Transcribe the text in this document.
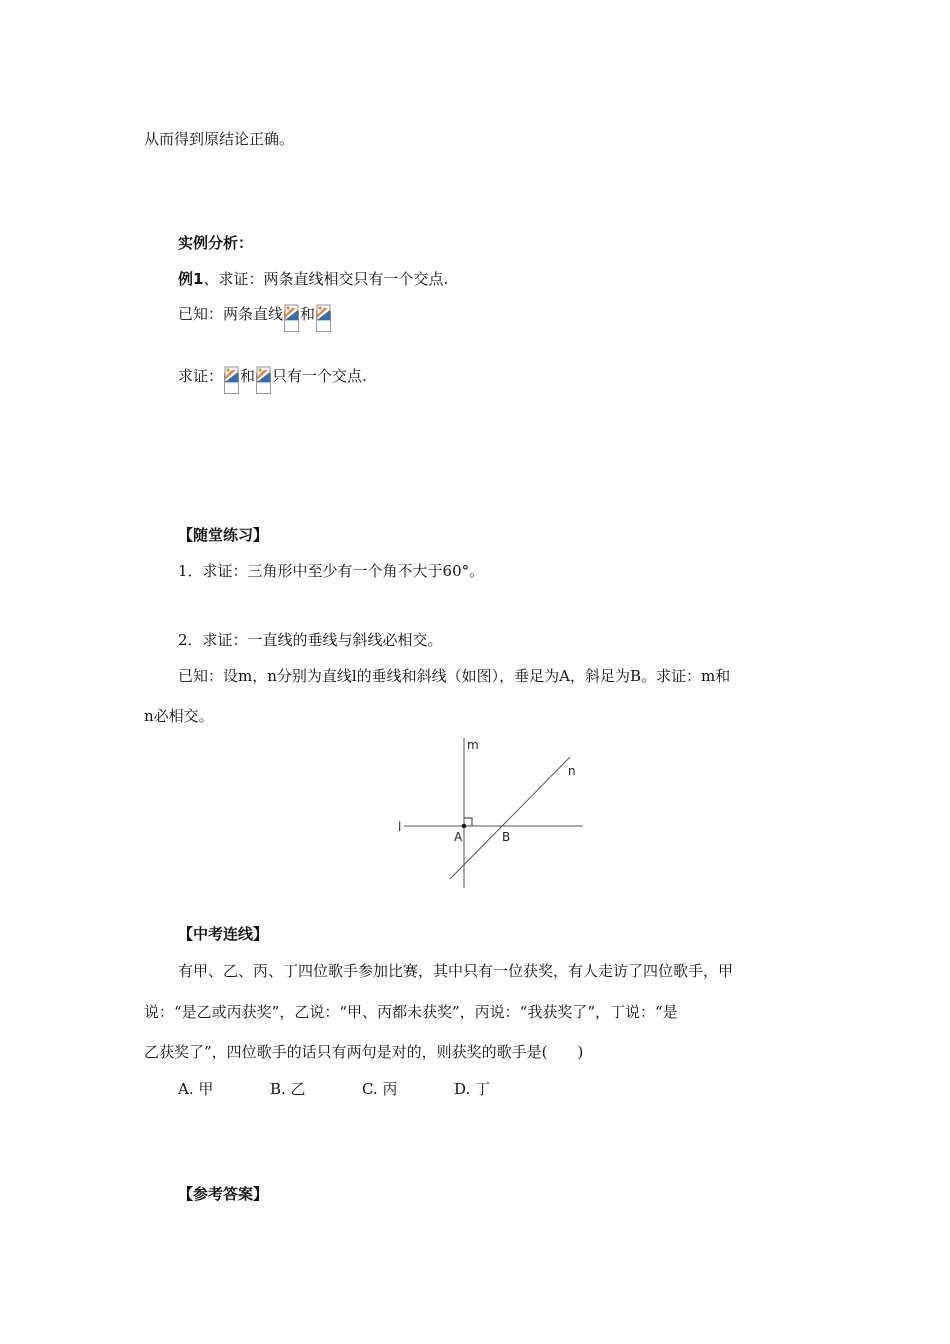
从而得到原结论正确。
实例分析：
例1、求证：两条直线相交只有一个交点.
已知：两条直线 和
求证： 和 只有一个交点.
【随堂练习】
1．求证：三角形中至少有一个角不大于60°。
2．求证：一直线的垂线与斜线必相交。
已知：设m，n分别为直线l的垂线和斜线（如图），垂足为A，斜足为B。求证：m和
n必相交。
m
n
l
A	B
【中考连线】
有甲、乙、丙、丁四位歌手参加比赛，其中只有一位获奖，有人走访了四位歌手，甲
说：“是乙或丙获奖”，乙说：“甲、丙都未获奖”，丙说：“我获奖了”，丁说：“是
乙获奖了”，四位歌手的话只有两句是对的，则获奖的歌手是(　　)
A. 甲	B. 乙	C. 丙	D. 丁
【参考答案】
